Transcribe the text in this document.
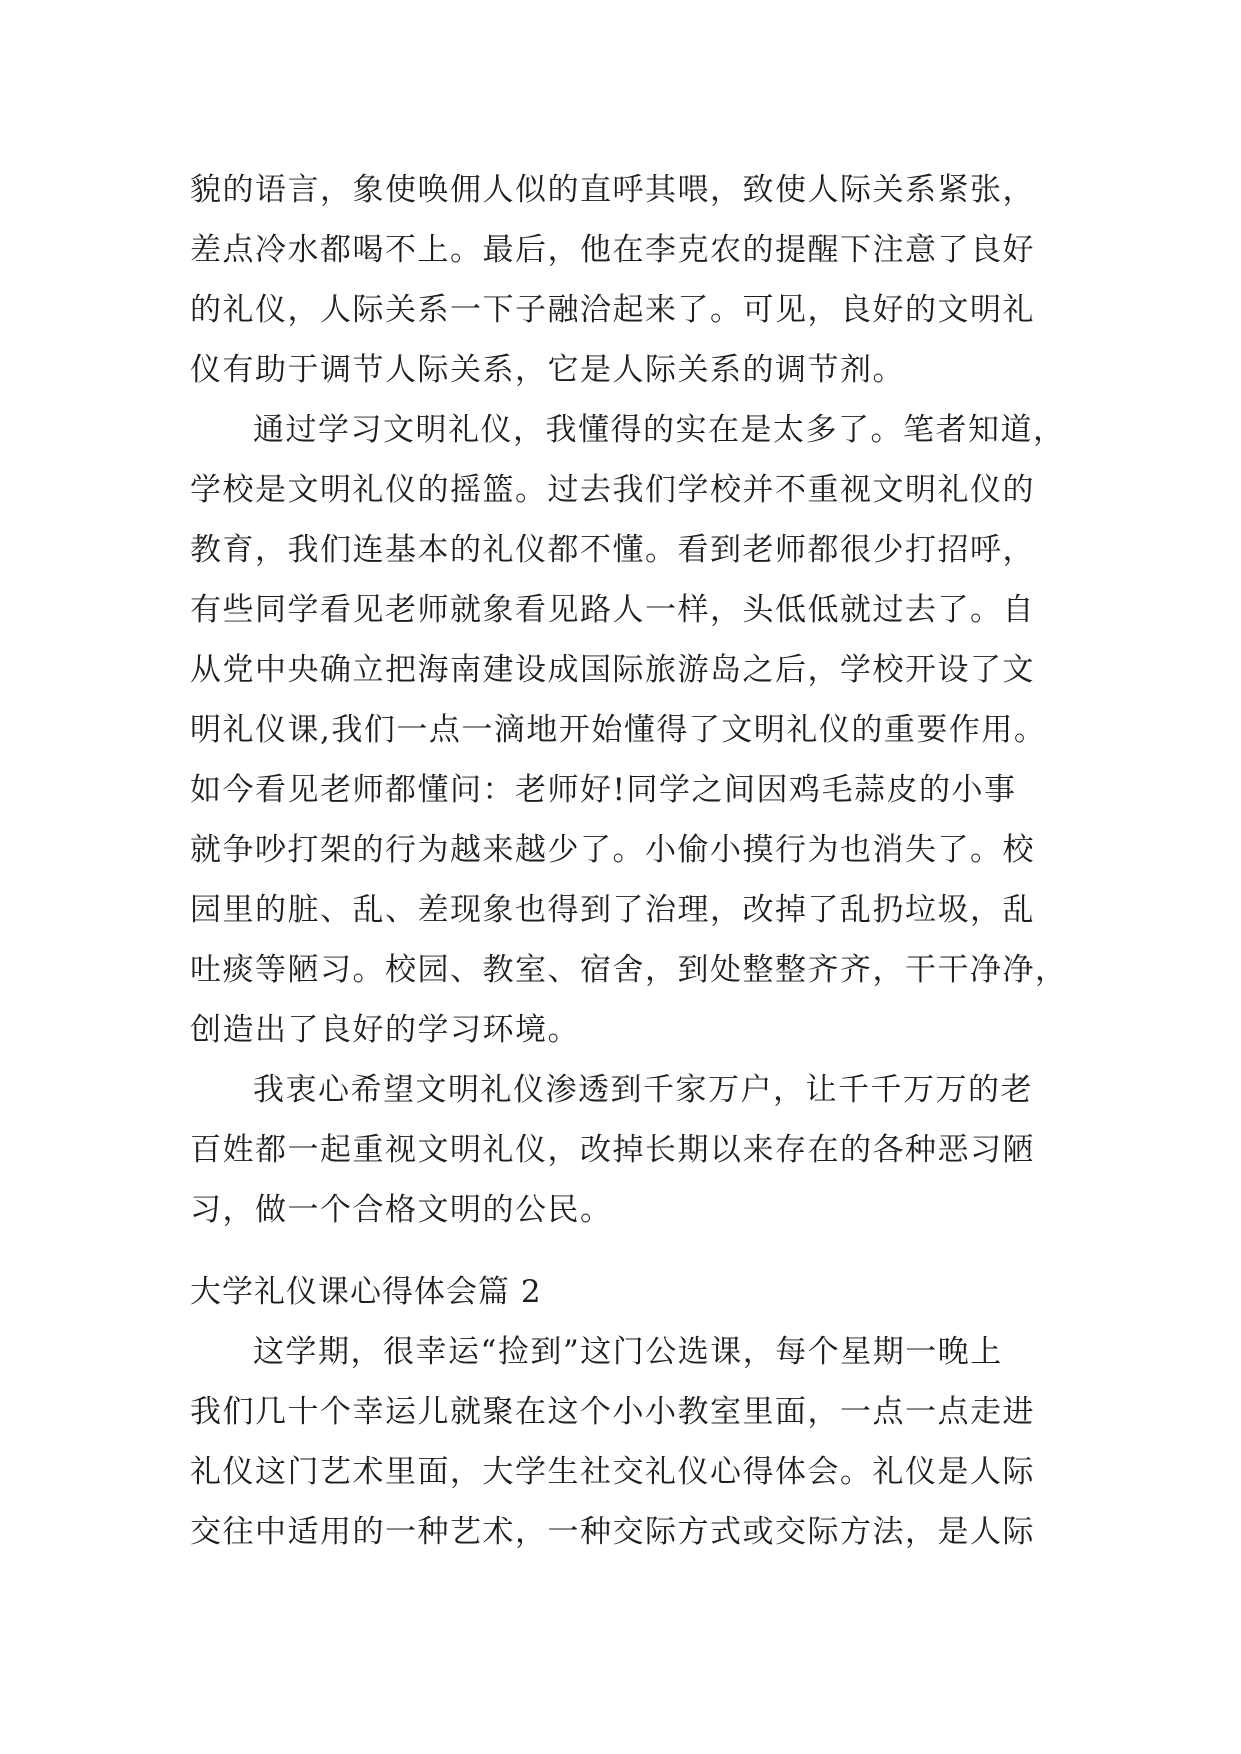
貌的语言，象使唤佣人似的直呼其喂，致使人际关系紧张，
差点冷水都喝不上。最后，他在李克农的提醒下注意了良好
的礼仪，人际关系一下子融洽起来了。可见，良好的文明礼
仪有助于调节人际关系，它是人际关系的调节剂。
通过学习文明礼仪，我懂得的实在是太多了。笔者知道，
学校是文明礼仪的摇篮。过去我们学校并不重视文明礼仪的
教育，我们连基本的礼仪都不懂。看到老师都很少打招呼，
有些同学看见老师就象看见路人一样，头低低就过去了。自
从党中央确立把海南建设成国际旅游岛之后，学校开设了文
明礼仪课,我们一点一滴地开始懂得了文明礼仪的重要作用。
如今看见老师都懂问：老师好!同学之间因鸡毛蒜皮的小事
就争吵打架的行为越来越少了。小偷小摸行为也消失了。校
园里的脏、乱、差现象也得到了治理，改掉了乱扔垃圾，乱
吐痰等陋习。校园、教室、宿舍，到处整整齐齐，干干净净，
创造出了良好的学习环境。
我衷心希望文明礼仪渗透到千家万户，让千千万万的老
百姓都一起重视文明礼仪，改掉长期以来存在的各种恶习陋
习，做一个合格文明的公民。
大学礼仪课心得体会篇 2
这学期，很幸运“捡到”这门公选课，每个星期一晚上
我们几十个幸运儿就聚在这个小小教室里面，一点一点走进
礼仪这门艺术里面，大学生社交礼仪心得体会。礼仪是人际
交往中适用的一种艺术，一种交际方式或交际方法，是人际
